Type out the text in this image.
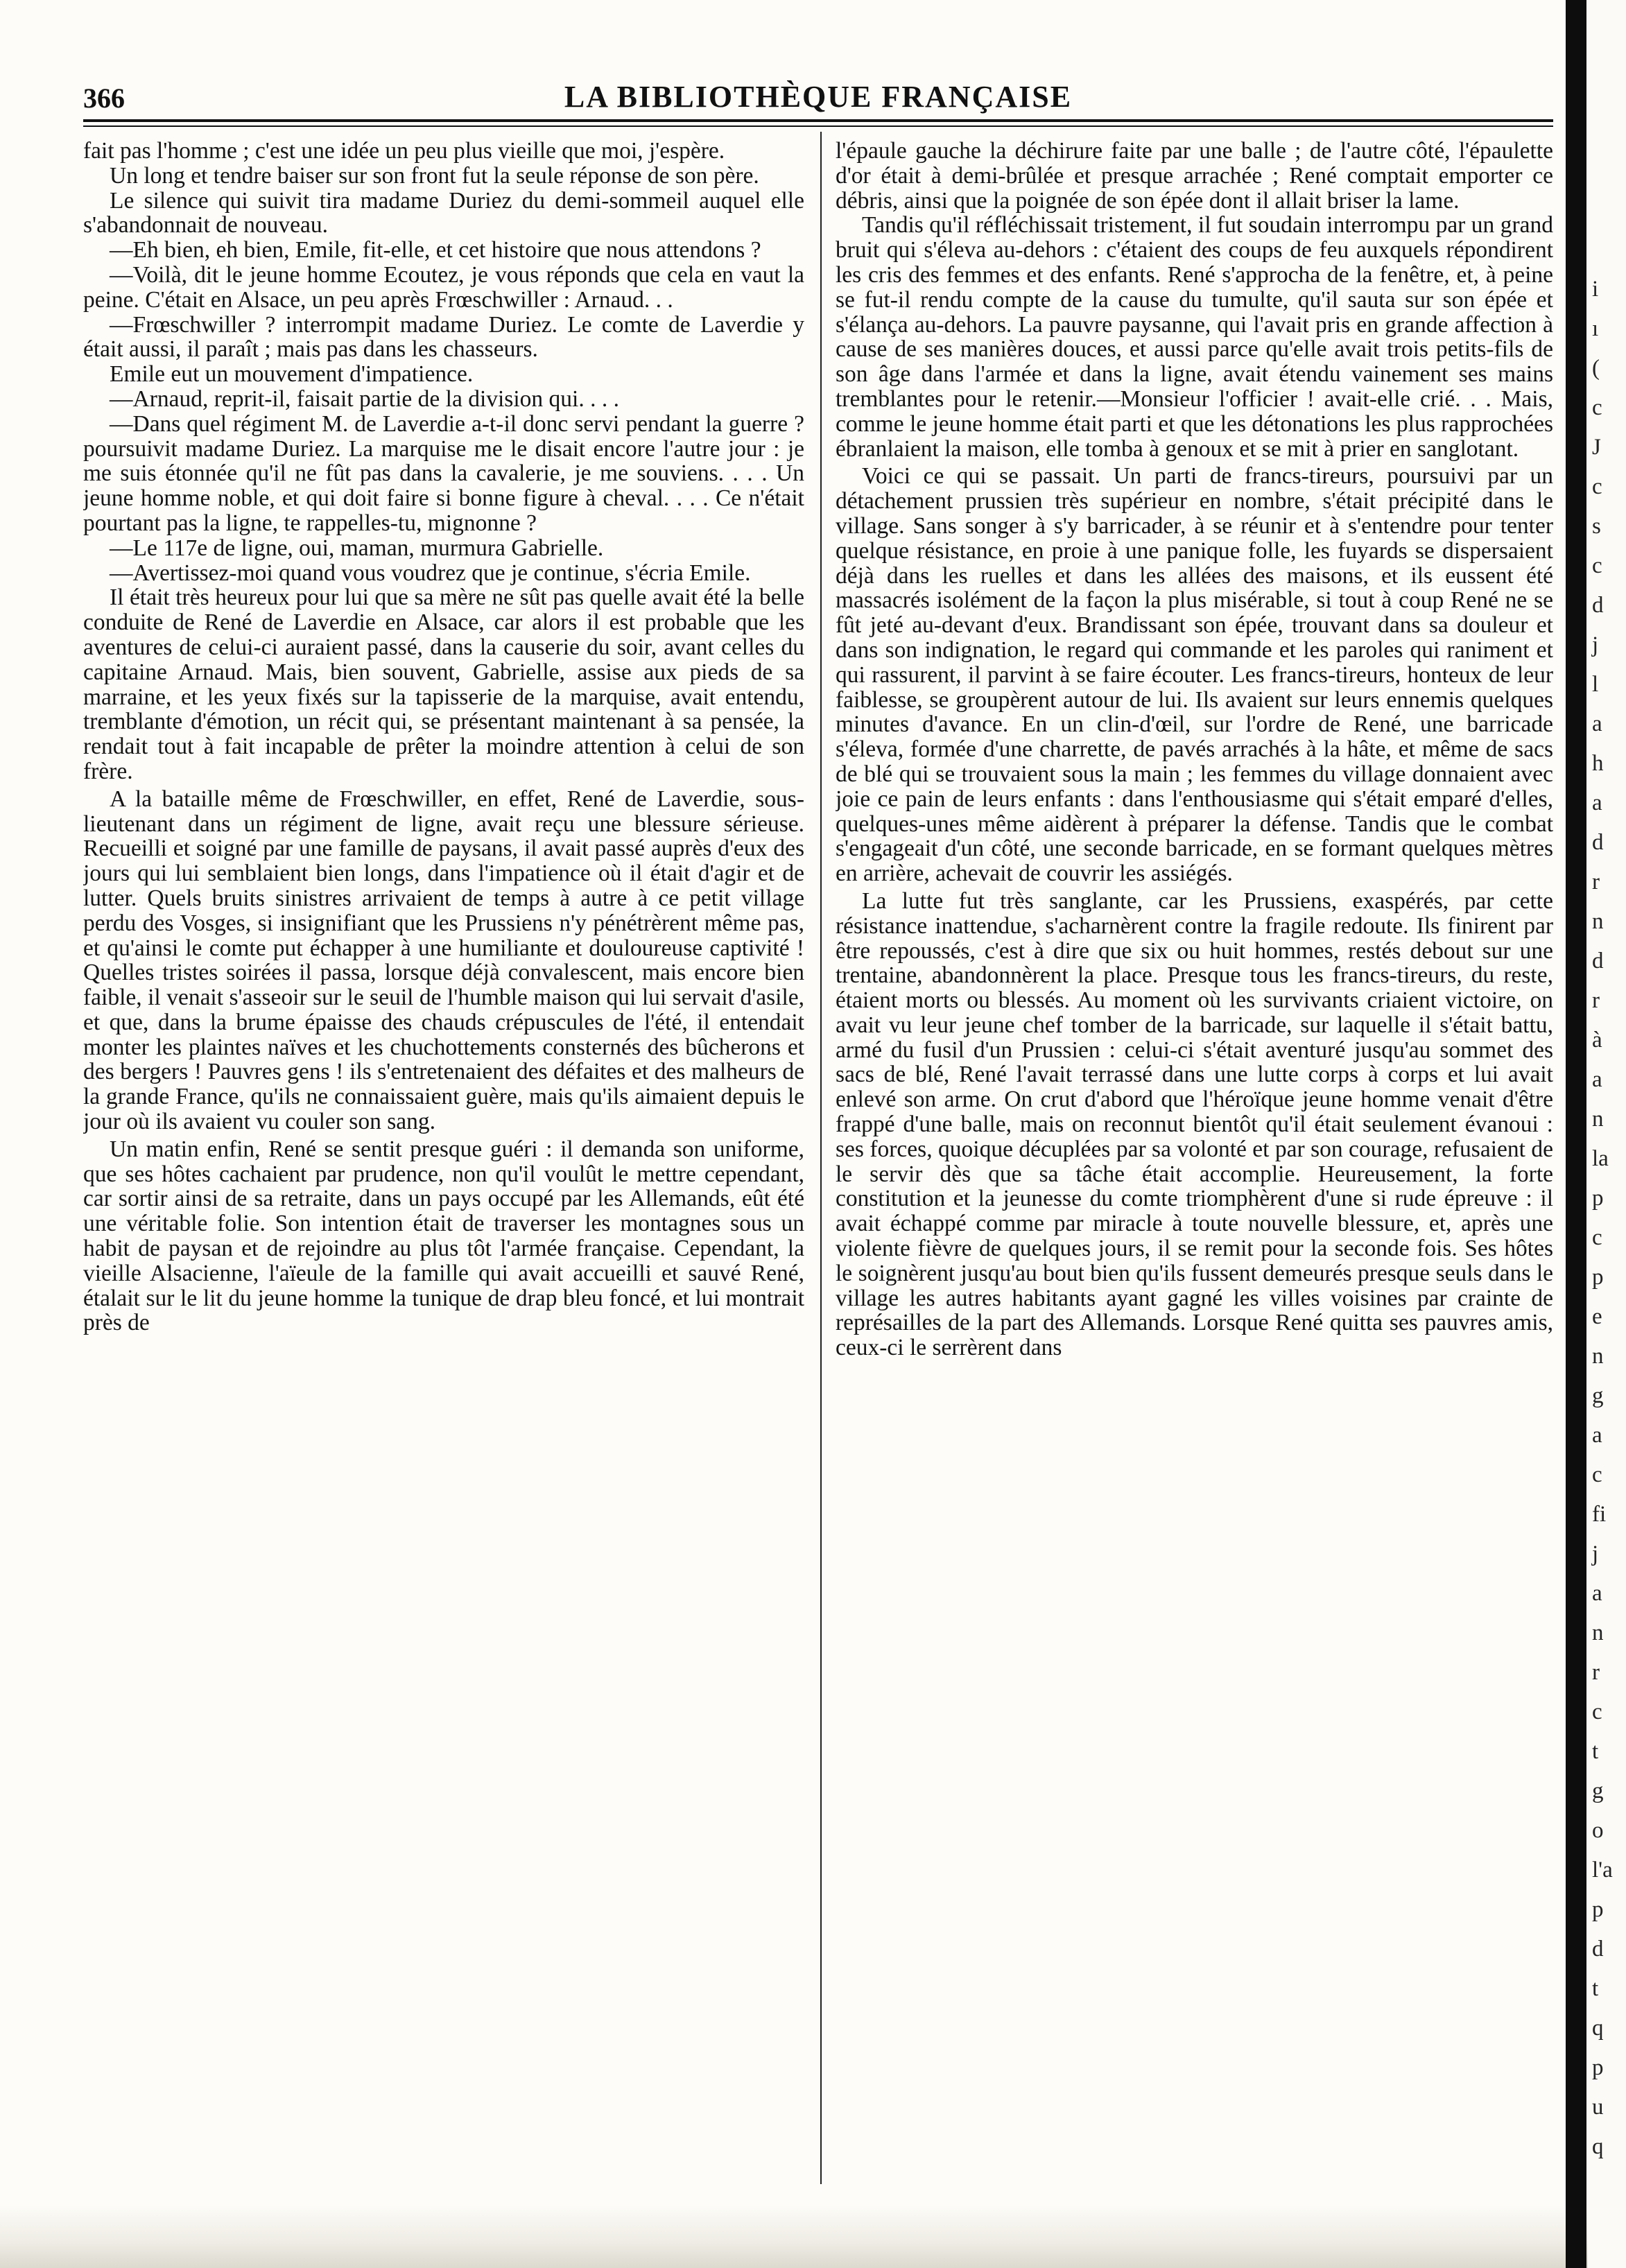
366	LA BIBLIOTHÈQUE FRANÇAISE

fait pas l'homme ; c'est une idée un peu plus vieille que moi, j'espère.

Un long et tendre baiser sur son front fut la seule réponse de son père.

Le silence qui suivit tira madame Duriez du demi-sommeil auquel elle s'abandonnait de nouveau.

—Eh bien, eh bien, Emile, fit-elle, et cet histoire que nous attendons ?

—Voilà, dit le jeune homme Ecoutez, je vous réponds que cela en vaut la peine. C'était en Alsace, un peu après Frœschwiller : Arnaud. . .

—Frœschwiller ? interrompit madame Duriez. Le comte de Laverdie y était aussi, il paraît ; mais pas dans les chasseurs.

Emile eut un mouvement d'impatience.

—Arnaud, reprit-il, faisait partie de la division qui. . . .

—Dans quel régiment M. de Laverdie a-t-il donc servi pendant la guerre ? poursuivit madame Duriez. La marquise me le disait encore l'autre jour : je me suis étonnée qu'il ne fût pas dans la cavalerie, je me souviens. . . . Un jeune homme noble, et qui doit faire si bonne figure à cheval. . . . Ce n'était pourtant pas la ligne, te rappelles-tu, mignonne ?

—Le 117e de ligne, oui, maman, murmura Gabrielle.

—Avertissez-moi quand vous voudrez que je continue, s'écria Emile.

Il était très heureux pour lui que sa mère ne sût pas quelle avait été la belle conduite de René de Laverdie en Alsace, car alors il est probable que les aventures de celui-ci auraient passé, dans la causerie du soir, avant celles du capitaine Arnaud. Mais, bien souvent, Gabrielle, assise aux pieds de sa marraine, et les yeux fixés sur la tapisserie de la marquise, avait entendu, tremblante d'émotion, un récit qui, se présentant maintenant à sa pensée, la rendait tout à fait incapable de prêter la moindre attention à celui de son frère.

A la bataille même de Frœschwiller, en effet, René de Laverdie, sous-lieutenant dans un régiment de ligne, avait reçu une blessure sérieuse. Recueilli et soigné par une famille de paysans, il avait passé auprès d'eux des jours qui lui semblaient bien longs, dans l'impatience où il était d'agir et de lutter. Quels bruits sinistres arrivaient de temps à autre à ce petit village perdu des Vosges, si insignifiant que les Prussiens n'y pénétrèrent même pas, et qu'ainsi le comte put échapper à une humiliante et douloureuse captivité ! Quelles tristes soirées il passa, lorsque déjà convalescent, mais encore bien faible, il venait s'asseoir sur le seuil de l'humble maison qui lui servait d'asile, et que, dans la brume épaisse des chauds crépuscules de l'été, il entendait monter les plaintes naïves et les chuchottements consternés des bûcherons et des bergers ! Pauvres gens ! ils s'entretenaient des défaites et des malheurs de la grande France, qu'ils ne connaissaient guère, mais qu'ils aimaient depuis le jour où ils avaient vu couler son sang.

Un matin enfin, René se sentit presque guéri : il demanda son uniforme, que ses hôtes cachaient par prudence, non qu'il voulût le mettre cependant, car sortir ainsi de sa retraite, dans un pays occupé par les Allemands, eût été une véritable folie. Son intention était de traverser les montagnes sous un habit de paysan et de rejoindre au plus tôt l'armée française. Cependant, la vieille Alsacienne, l'aïeule de la famille qui avait accueilli et sauvé René, étalait sur le lit du jeune homme la tunique de drap bleu foncé, et lui montrait près de

l'épaule gauche la déchirure faite par une balle ; de l'autre côté, l'épaulette d'or était à demi-brûlée et presque arrachée ; René comptait emporter ce débris, ainsi que la poignée de son épée dont il allait briser la lame.

Tandis qu'il réfléchissait tristement, il fut soudain interrompu par un grand bruit qui s'éleva au-dehors : c'étaient des coups de feu auxquels répondirent les cris des femmes et des enfants. René s'approcha de la fenêtre, et, à peine se fut-il rendu compte de la cause du tumulte, qu'il sauta sur son épée et s'élança au-dehors. La pauvre paysanne, qui l'avait pris en grande affection à cause de ses manières douces, et aussi parce qu'elle avait trois petits-fils de son âge dans l'armée et dans la ligne, avait étendu vainement ses mains tremblantes pour le retenir.—Monsieur l'officier ! avait-elle crié. . . Mais, comme le jeune homme était parti et que les détonations les plus rapprochées ébranlaient la maison, elle tomba à genoux et se mit à prier en sanglotant.

Voici ce qui se passait. Un parti de francs-tireurs, poursuivi par un détachement prussien très supérieur en nombre, s'était précipité dans le village. Sans songer à s'y barricader, à se réunir et à s'entendre pour tenter quelque résistance, en proie à une panique folle, les fuyards se dispersaient déjà dans les ruelles et dans les allées des maisons, et ils eussent été massacrés isolément de la façon la plus misérable, si tout à coup René ne se fût jeté au-devant d'eux. Brandissant son épée, trouvant dans sa douleur et dans son indignation, le regard qui commande et les paroles qui raniment et qui rassurent, il parvint à se faire écouter. Les francs-tireurs, honteux de leur faiblesse, se groupèrent autour de lui. Ils avaient sur leurs ennemis quelques minutes d'avance. En un clin-d'œil, sur l'ordre de René, une barricade s'éleva, formée d'une charrette, de pavés arrachés à la hâte, et même de sacs de blé qui se trouvaient sous la main ; les femmes du village donnaient avec joie ce pain de leurs enfants : dans l'enthousiasme qui s'était emparé d'elles, quelques-unes même aidèrent à préparer la défense. Tandis que le combat s'engageait d'un côté, une seconde barricade, en se formant quelques mètres en arrière, achevait de couvrir les assiégés.

La lutte fut très sanglante, car les Prussiens, exaspérés, par cette résistance inattendue, s'acharnèrent contre la fragile redoute. Ils finirent par être repoussés, c'est à dire que six ou huit hommes, restés debout sur une trentaine, abandonnèrent la place. Presque tous les francs-tireurs, du reste, étaient morts ou blessés. Au moment où les survivants criaient victoire, on avait vu leur jeune chef tomber de la barricade, sur laquelle il s'était battu, armé du fusil d'un Prussien : celui-ci s'était aventuré jusqu'au sommet des sacs de blé, René l'avait terrassé dans une lutte corps à corps et lui avait enlevé son arme. On crut d'abord que l'héroïque jeune homme venait d'être frappé d'une balle, mais on reconnut bientôt qu'il était seulement évanoui : ses forces, quoique décuplées par sa volonté et par son courage, refusaient de le servir dès que sa tâche était accomplie. Heureusement, la forte constitution et la jeunesse du comte triomphèrent d'une si rude épreuve : il avait échappé comme par miracle à toute nouvelle blessure, et, après une violente fièvre de quelques jours, il se remit pour la seconde fois. Ses hôtes le soignèrent jusqu'au bout bien qu'ils fussent demeurés presque seuls dans le village les autres habitants ayant gagné les villes voisines par crainte de représailles de la part des Allemands. Lorsque René quitta ses pauvres amis, ceux-ci le serrèrent dans

i
ı
(
c
J
c
s
c
d
j
l
a
h
a
d
r
n
d
r
à
a
n
la
p
c
p
e
n
g
a
c
fi
j
a
n
r
c
t
g
o
l'a
p
d
t
q
p
u
q
